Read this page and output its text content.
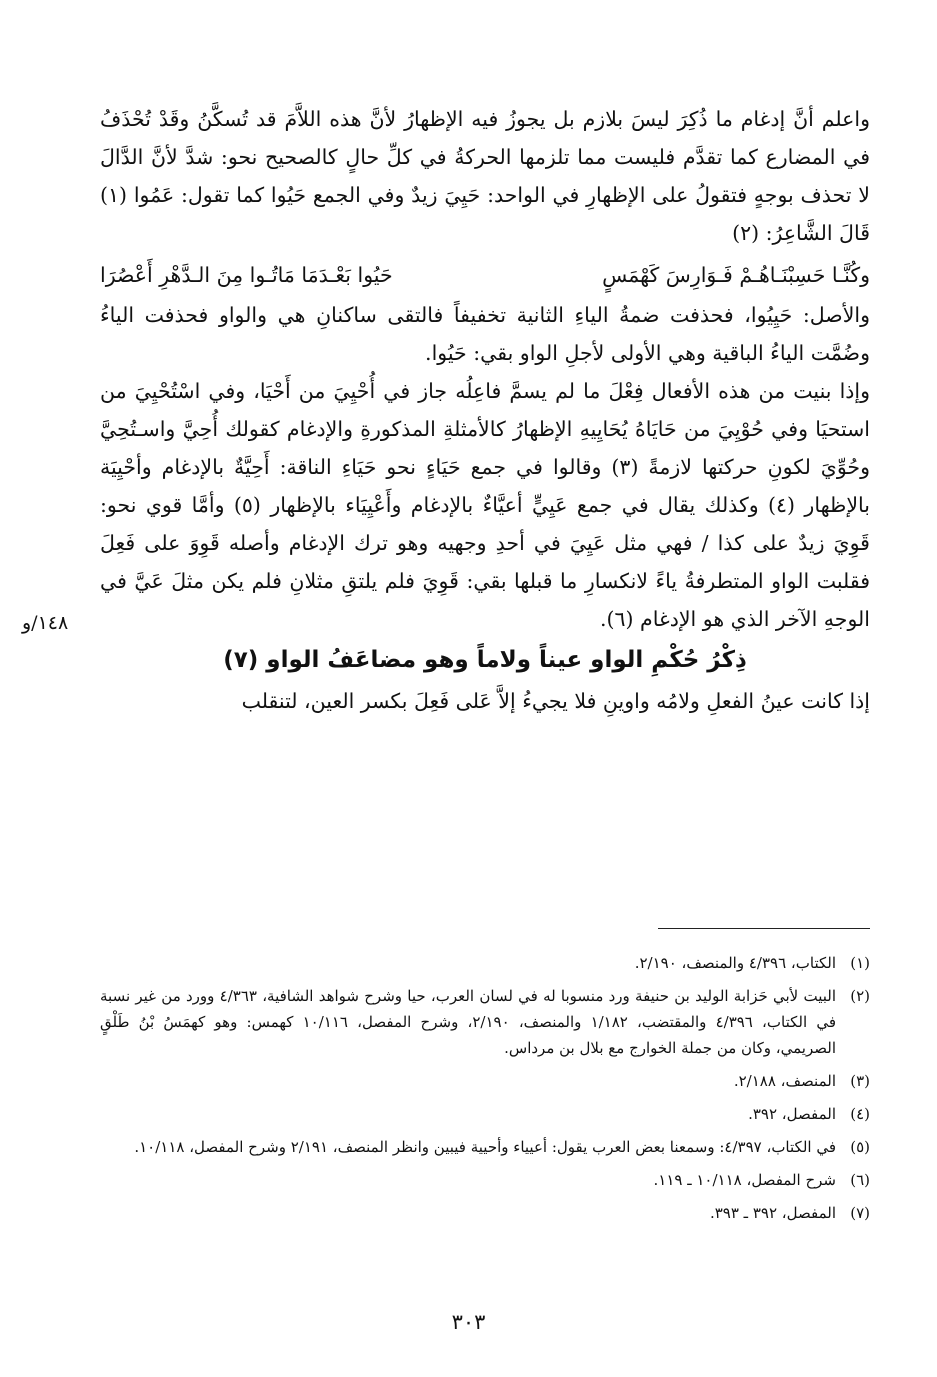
واعلم أنَّ إدغام ما ذُكِرَ ليسَ بلازم بل يجوزُ فيه الإظهارُ لأنَّ هذه اللاَّمَ قد تُسكَّنُ وقَدْ تُحْذَفُ في المضارع كما تقدَّم فليست مما تلزمها الحركةُ في كلِّ حالٍ كالصحيح نحو: شدَّ لأنَّ الدَّالَ لا تحذف بوجهٍ فتقولُ على الإظهارِ في الواحد: حَيِيَ زيدٌ وفي الجمع حَيُوا كما تقول: عَمُوا (١) قَالَ الشَّاعِرُ: (٢)

وكُنَّـا حَسِبْنَـاهُـمْ فَـوَارِسَ كَهْمَسٍ
حَيُوا بَعْـدَمَا مَاتُـوا مِنَ الـدَّهْرِ أَعْصُرَا

والأصل: حَيِيُوا، فحذفت ضمةُ الياءِ الثانية تخفيفاً فالتقى ساكنانِ هي والواو فحذفت الياءُ وضُمَّت الياءُ الباقية وهي الأولى لأجلِ الواو بقي: حَيُوا.

وإذا بنيت من هذه الأفعال فِعْلَ ما لم يسمَّ فاعِلُه جاز في أُحْيِيَ من أَحْيَا، وفي اسْتُحْيِيَ من استحيَا وفي حُوْيِيَ من حَايَاهُ يُحَايِيهِ الإظهارُ كالأمثلةِ المذكورةِ والإدغام كقولك أُحِيَّ واسـتُحِيَّ وحُوِّيَ لكونِ حركتها لازمةً (٣) وقالوا في جمع حَيَاءٍ نحو حَيَاءِ الناقة: أَحِيَّةٌ بالإدغام وأحْيِيَة بالإظهار (٤) وكذلك يقال في جمع عَيِيٍّ أعيَّاءٌ بالإدغام وأَعْيِيَاء بالإظهار (٥) وأمَّا قوي نحو: قَوِيَ زيدٌ على كذا / فهي مثل عَيِيَ في أحدِ وجهيه وهو ترك الإدغام وأصله قَوِوَ على فَعِلَ فقلبت الواو المتطرفةُ ياءً لانكسارِ ما قبلها بقي: قَوِيَ فلم يلتقِ مثلانِ فلم يكن مثلَ عَيَّ في الوجهِ الآخر الذي هو الإدغام (٦).

ذِكْرُ حُكْمِ الواو عيناً ولاماً وهو مضاعَفُ الواو (٧)

إذا كانت عينُ الفعلِ ولامُه واوينِ فلا يجيءُ إلاَّ عَلى فَعِلَ بكسر العين، لتنقلب

١٤٨/و
(١)
الكتاب، ٤/٣٩٦ والمنصف، ٢/١٩٠.
(٢)
البيت لأبي حَزابة الوليد بن حنيفة ورد منسوبا له في لسان العرب، حيا وشرح شواهد الشافية، ٤/٣٦٣ وورد من غير نسبة في الكتاب، ٤/٣٩٦ والمقتضب، ١/١٨٢ والمنصف، ٢/١٩٠، وشرح المفصل، ١٠/١١٦ كهمس: وهو كهمَسُ بْنُ طَلْقٍ الصريمي، وكان من جملة الخوارج مع بلال بن مرداس.
(٣)
المنصف، ٢/١٨٨.
(٤)
المفصل، ٣٩٢.
(٥)
في الكتاب، ٤/٣٩٧: وسمعنا بعض العرب يقول: أعيياء وأحيية فيبين وانظر المنصف، ٢/١٩١ وشرح المفصل، ١٠/١١٨.
(٦)
شرح المفصل، ١٠/١١٨ ـ ١١٩.
(٧)
المفصل، ٣٩٢ ـ ٣٩٣.
٣٠٣
